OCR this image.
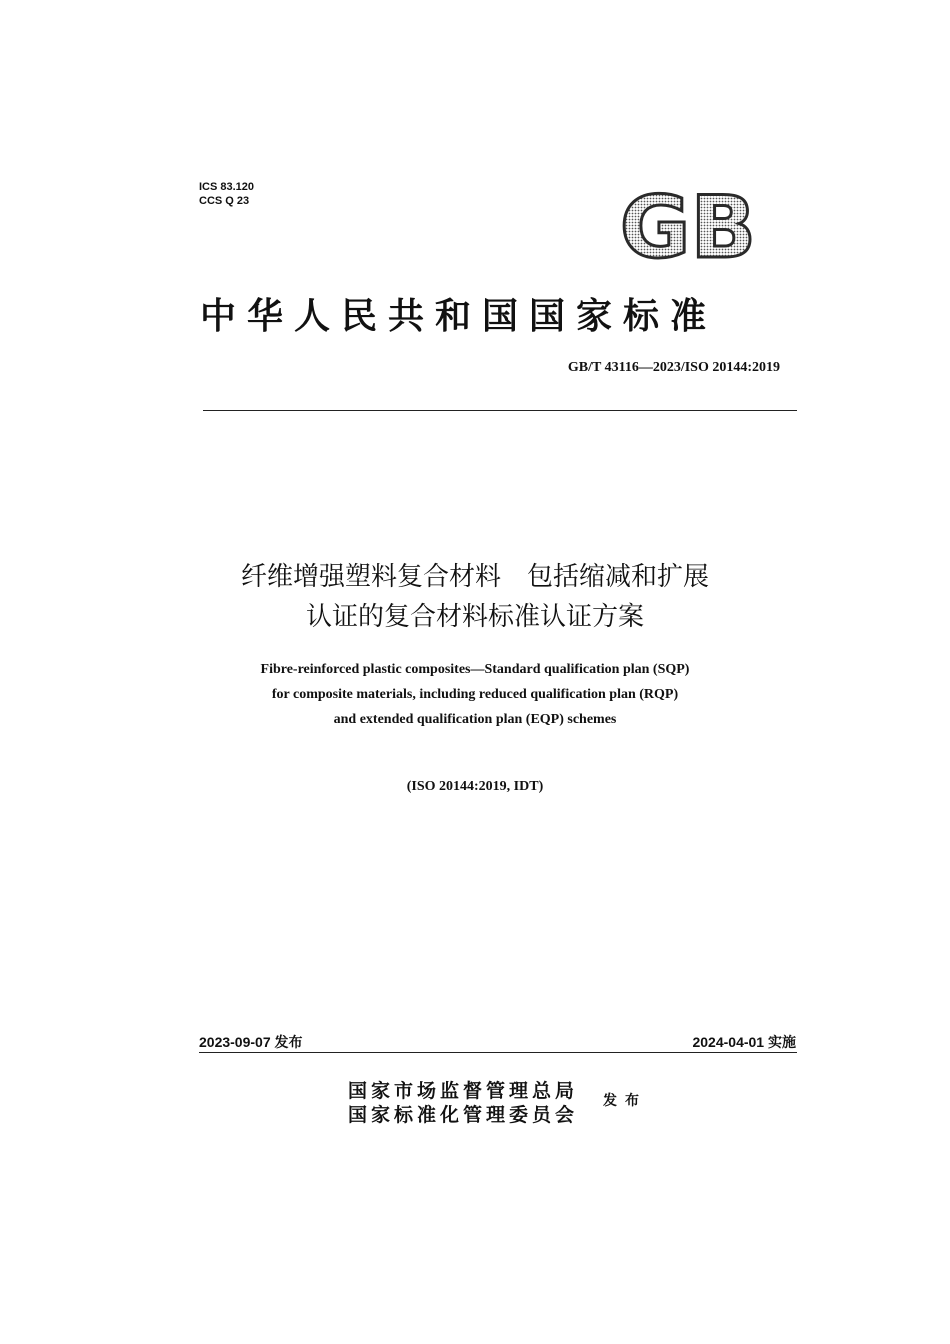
ICS 83.120
CCS Q 23	GB
中华人民共和国国家标准
GB/T 43116—2023/ISO 20144:2019
纤维增强塑料复合材料　包括缩减和扩展
认证的复合材料标准认证方案
Fibre-reinforced plastic composites—Standard qualification plan (SQP)
for composite materials, including reduced qualification plan (RQP)
and extended qualification plan (EQP) schemes
(ISO 20144:2019, IDT)
2023-09-07 发布	2024-04-01 实施
国家市场监督管理总局
国家标准化管理委员会
发布
